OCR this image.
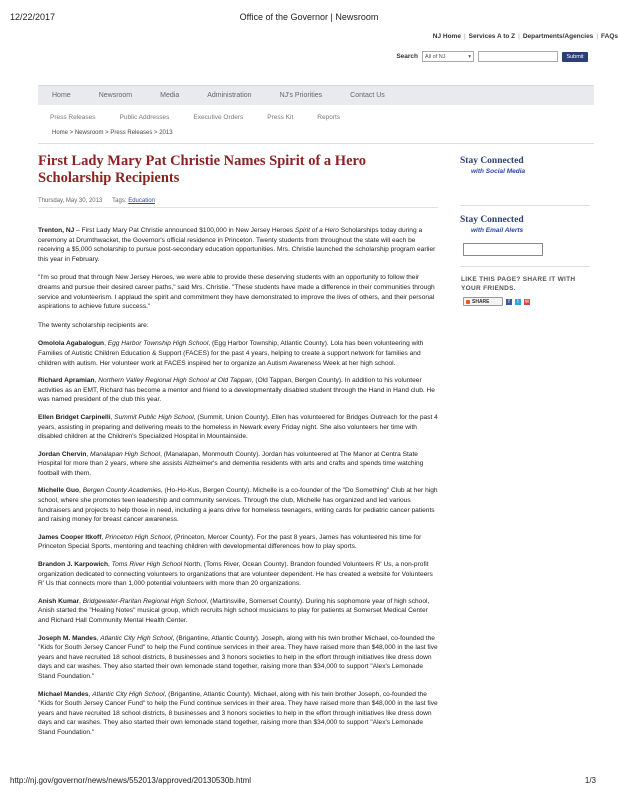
12/22/2017	Office of the Governor | Newsroom
NJ Home | Services A to Z | Departments/Agencies | FAQs
Search All of NJ	▾	Submit
Home	Newsroom	Media	Administration	NJ's Priorities	Contact Us
Press Releases	Public Addresses	Executive Orders	Press Kit	Reports
Home > Newsroom > Press Releases > 2013
First Lady Mary Pat Christie Names Spirit of a Hero Scholarship Recipients
Thursday, May 30, 2013 Tags: Education

Trenton, NJ – First Lady Mary Pat Christie announced $100,000 in New Jersey Heroes Spirit of a Hero Scholarships today during a ceremony at Drumthwacket, the Governor's official residence in Princeton. Twenty students from throughout the state will each be receiving a $5,000 scholarship to pursue post-secondary education opportunities. Mrs. Christie launched the scholarship program earlier this year in February.

"I'm so proud that through New Jersey Heroes, we were able to provide these deserving students with an opportunity to follow their dreams and pursue their desired career paths," said Mrs. Christie. "These students have made a difference in their communities through service and volunteerism. I applaud the spirit and commitment they have demonstrated to improve the lives of others, and their personal aspirations to achieve future success."

The twenty scholarship recipients are:

Omolola Agabalogun, Egg Harbor Township High School, (Egg Harbor Township, Atlantic County). Lola has been volunteering with Families of Autistic Children Education & Support (FACES) for the past 4 years, helping to create a support network for families and children with autism. Her volunteer work at FACES inspired her to organize an Autism Awareness Week at her high school.

Richard Apramian, Northern Valley Regional High School at Old Tappan, (Old Tappan, Bergen County). In addition to his volunteer activities as an EMT, Richard has become a mentor and friend to a developmentally disabled student through the Hand in Hand club. He was named president of the club this year.

Ellen Bridget Carpinelli, Summit Public High School, (Summit, Union County). Ellen has volunteered for Bridges Outreach for the past 4 years, assisting in preparing and delivering meals to the homeless in Newark every Friday night. She also volunteers her time with disabled children at the Children's Specialized Hospital in Mountainside.

Jordan Chervin, Manalapan High School, (Manalapan, Monmouth County). Jordan has volunteered at The Manor at Centra State Hospital for more than 2 years, where she assists Alzheimer's and dementia residents with arts and crafts and spends time watching football with them.

Michelle Guo, Bergen County Academies, (Ho-Ho-Kus, Bergen County). Michelle is a co-founder of the "Do Something" Club at her high school, where she promotes teen leadership and community services. Through the club, Michelle has organized and led various fundraisers and projects to help those in need, including a jeans drive for homeless teenagers, writing cards for pediatric cancer patients and raising money for breast cancer awareness.

James Cooper Itkoff, Princeton High School, (Princeton, Mercer County). For the past 8 years, James has volunteered his time for Princeton Special Sports, mentoring and teaching children with developmental differences how to play sports.

Brandon J. Karpowich, Toms River High School North, (Toms River, Ocean County). Brandon founded Volunteers R' Us, a non-profit organization dedicated to connecting volunteers to organizations that are volunteer dependent. He has created a website for Volunteers R' Us that connects more than 1,000 potential volunteers with more than 20 organizations.

Anish Kumar, Bridgewater-Raritan Regional High School, (Martinsville, Somerset County). During his sophomore year of high school, Anish started the "Healing Notes" musical group, which recruits high school musicians to play for patients at Somerset Medical Center and Richard Hall Community Mental Health Center.

Joseph M. Mandes, Atlantic City High School, (Brigantine, Atlantic County). Joseph, along with his twin brother Michael, co-founded the "Kids for South Jersey Cancer Fund" to help the Fund continue services in their area. They have raised more than $48,000 in the last five years and have recruited 18 school districts, 8 businesses and 3 honors societies to help in the effort through initiatives like dress down days and car washes. They also started their own lemonade stand together, raising more than $34,000 to support "Alex's Lemonade Stand Foundation."

Michael Mandes, Atlantic City High School, (Brigantine, Atlantic County). Michael, along with his twin brother Joseph, co-founded the "Kids for South Jersey Cancer Fund" to help the Fund continue services in their area. They have raised more than $48,000 in the last five years and have recruited 18 school districts, 8 businesses and 3 honors societies to help in the effort through initiatives like dress down days and car washes. They also started their own lemonade stand together, raising more than $34,000 to support "Alex's Lemonade Stand Foundation."

Stay Connected
with Social Media
Stay Connected
with Email Alerts
LIKE THIS PAGE? SHARE IT WITH YOUR FRIENDS.
SHARE	f	t	✉
http://nj.gov/governor/news/news/552013/approved/20130530b.html	1/3
